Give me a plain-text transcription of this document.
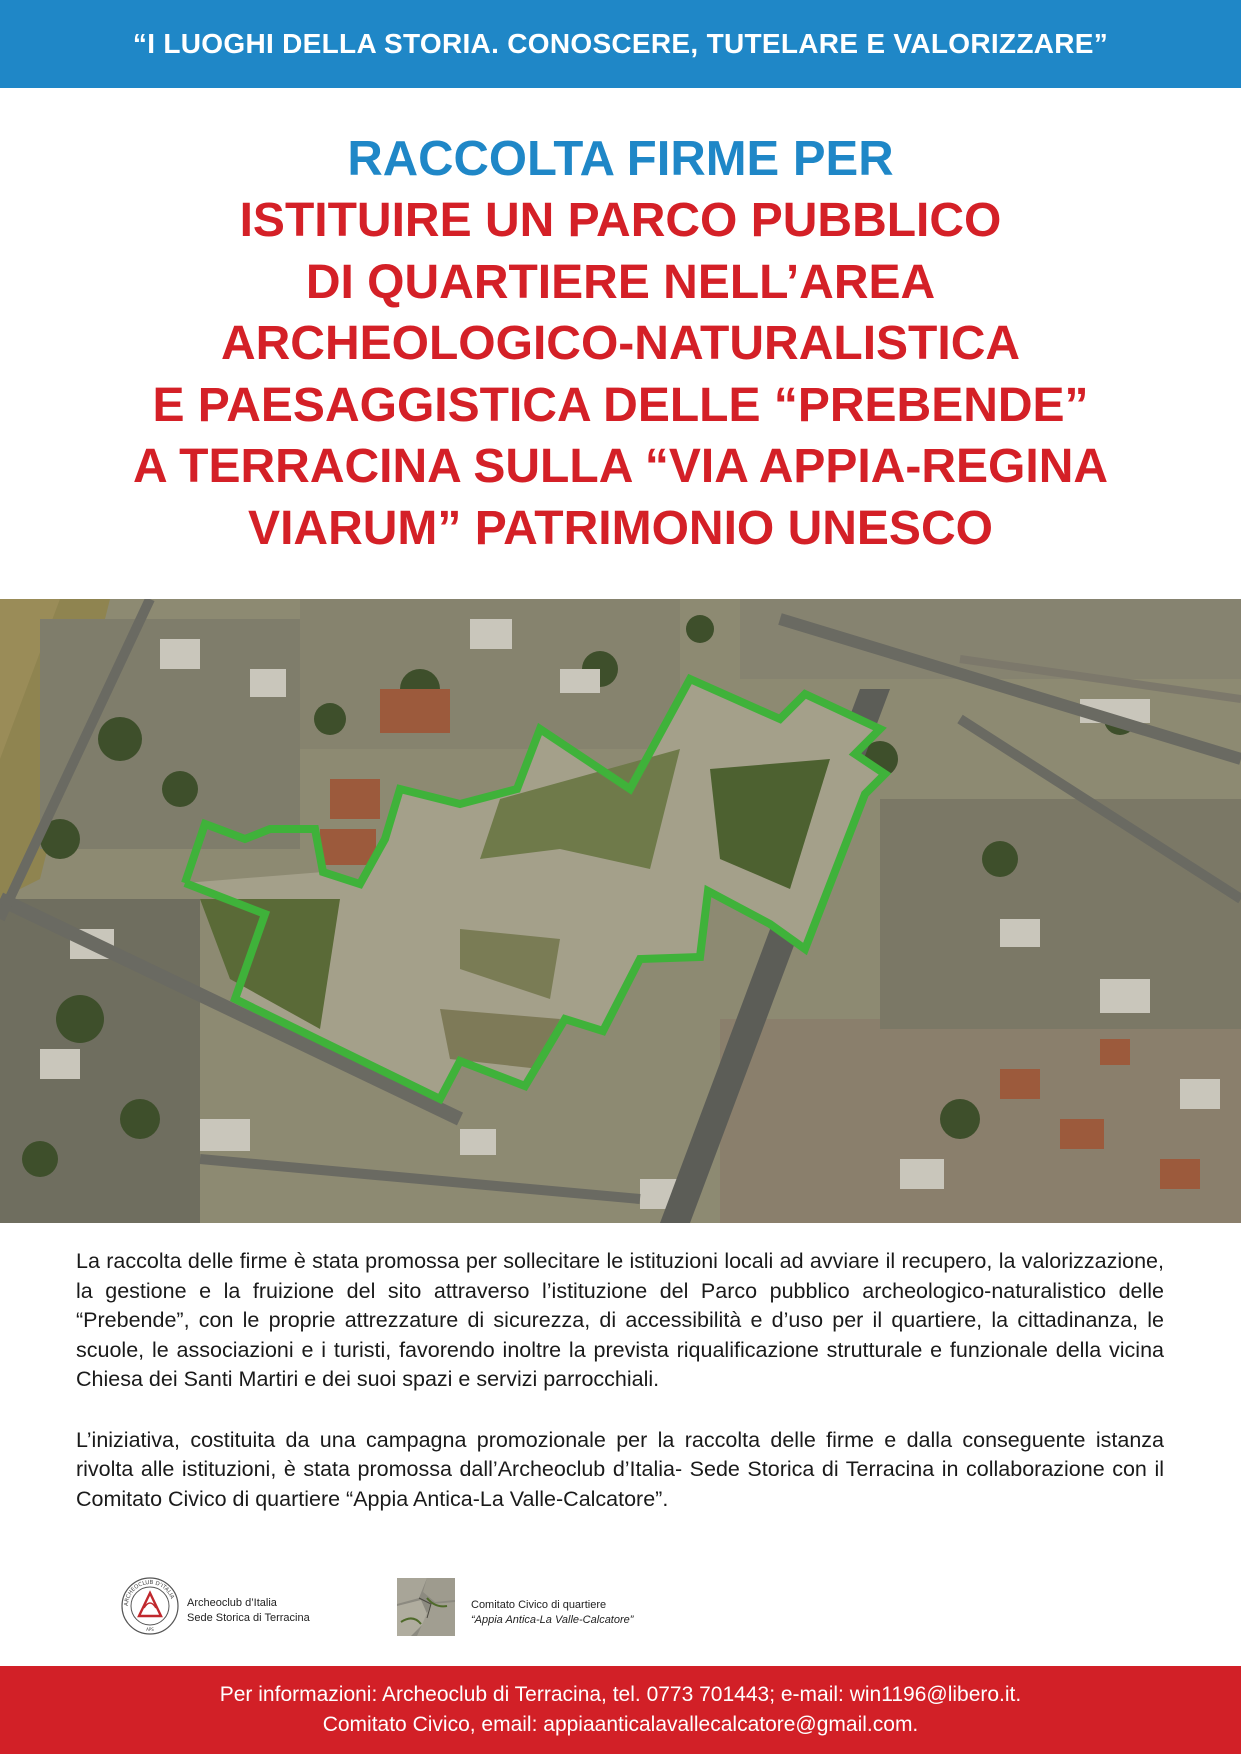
“I LUOGHI DELLA STORIA. CONOSCERE, TUTELARE E VALORIZZARE”
RACCOLTA FIRME PER
ISTITUIRE UN PARCO PUBBLICO
DI QUARTIERE NELL’AREA
ARCHEOLOGICO-NATURALISTICA
E PAESAGGISTICA DELLE “PREBENDE”
A TERRACINA SULLA “VIA APPIA-REGINA
VIARUM” PATRIMONIO UNESCO

La raccolta delle firme è stata promossa per sollecitare le istituzioni locali ad avviare il recupero, la valorizzazione, la gestione e la fruizione del sito attraverso l’istituzione del Parco pubblico archeologico-naturalistico delle “Prebende”, con le proprie attrezzature di sicurezza, di accessibilità e d’uso per il quartiere, la cittadinanza, le scuole, le associazioni e i turisti, favorendo inoltre la prevista riqualificazione strutturale e funzionale della vicina Chiesa dei Santi Martiri e dei suoi spazi e servizi parrocchiali.

L’iniziativa, costituita da una campagna promozionale per la raccolta delle firme e dalla conseguente istanza rivolta alle istituzioni, è stata promossa dall’Archeoclub d’Italia- Sede Storica di Terracina in collaborazione con il Comitato Civico di quartiere “Appia Antica-La Valle-Calcatore”.

ARCHEOCLUB D'ITALIA
APS
Archeoclub d’Italia
Sede Storica di Terracina
Comitato Civico di quartiere
“Appia Antica-La Valle-Calcatore”
Per informazioni: Archeoclub di Terracina, tel. 0773 701443; e-mail: win1196@libero.it.
Comitato Civico, email: appiaanticalavallecalcatore@gmail.com.
